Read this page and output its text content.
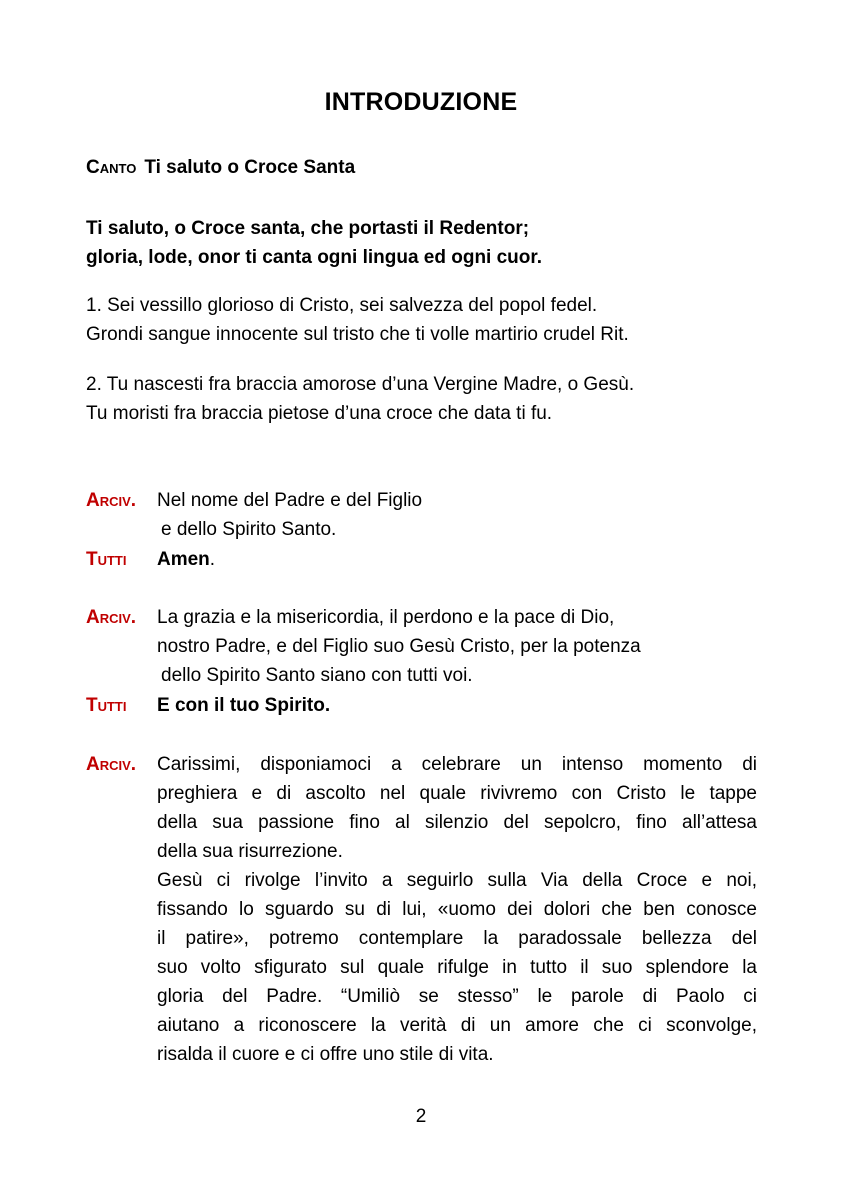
INTRODUZIONE
Canto Ti saluto o Croce Santa
Ti saluto, o Croce santa, che portasti il Redentor;
gloria, lode, onor ti canta ogni lingua ed ogni cuor.
1. Sei vessillo glorioso di Cristo, sei salvezza del popol fedel.
Grondi sangue innocente sul tristo che ti volle martirio crudel Rit.
2. Tu nascesti fra braccia amorose d’una Vergine Madre, o Gesù.
Tu moristi fra braccia pietose d’una croce che data ti fu.
Arciv. Nel nome del Padre e del Figlio
e dello Spirito Santo.
Tutti Amen.
Arciv. La grazia e la misericordia, il perdono e la pace di Dio,
nostro Padre, e del Figlio suo Gesù Cristo, per la potenza
dello Spirito Santo siano con tutti voi.
Tutti E con il tuo Spirito.
Arciv. Carissimi, disponiamoci a celebrare un intenso momento di
preghiera e di ascolto nel quale rivivremo con Cristo le tappe
della sua passione fino al silenzio del sepolcro, fino all’attesa
della sua risurrezione.
Gesù ci rivolge l’invito a seguirlo sulla Via della Croce e noi,
fissando lo sguardo su di lui, «uomo dei dolori che ben conosce
il patire», potremo contemplare la paradossale bellezza del
suo volto sfigurato sul quale rifulge in tutto il suo splendore la
gloria del Padre. “Umiliò se stesso” le parole di Paolo ci
aiutano a riconoscere la verità di un amore che ci sconvolge,
risalda il cuore e ci offre uno stile di vita.
2
